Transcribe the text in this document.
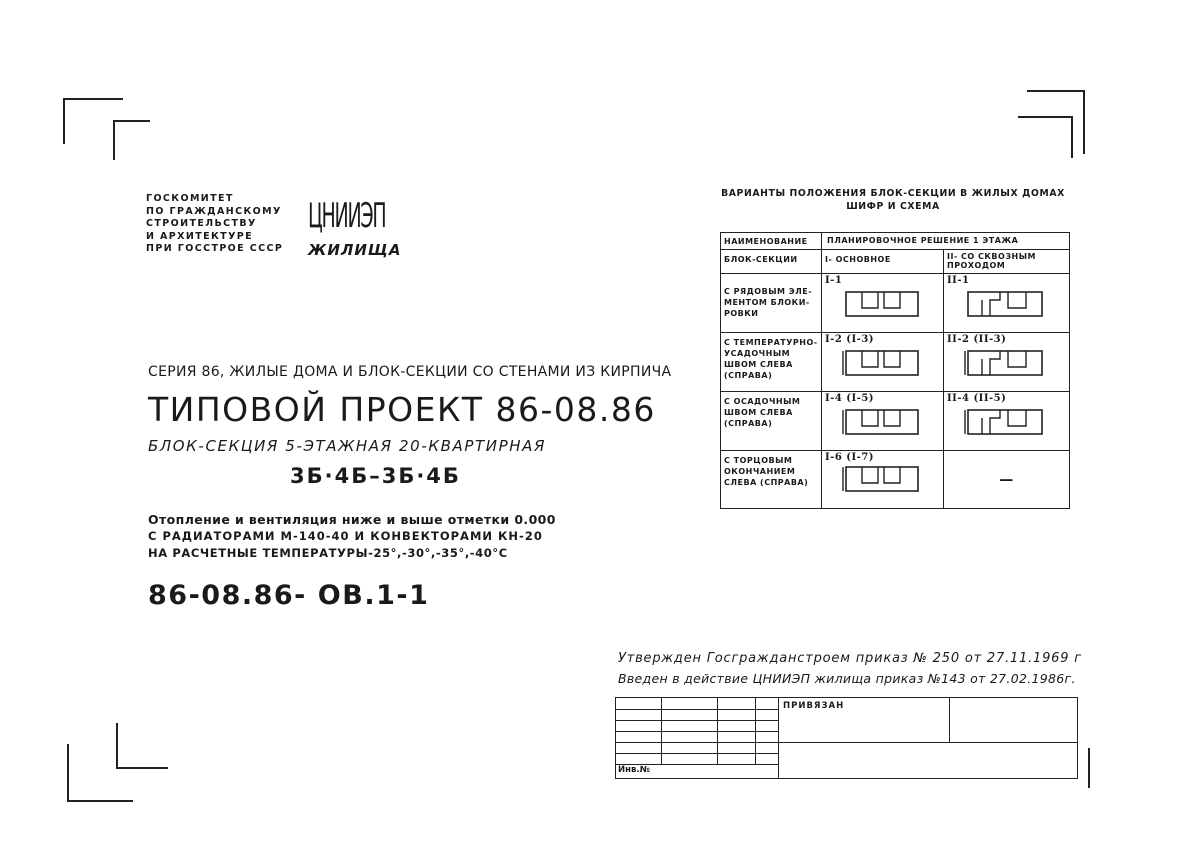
ГОСКОМИТЕТ
ПО ГРАЖДАНСКОМУ
СТРОИТЕЛЬСТВУ
И АРХИТЕКТУРЕ
ПРИ ГОССТРОЕ СССР
ЦНИИЭП
ЖИЛИЩА
СЕРИЯ 86, ЖИЛЫЕ ДОМА И БЛОК-СЕКЦИИ СО СТЕНАМИ ИЗ КИРПИЧА
ТИПОВОЙ ПРОЕКТ 86-08.86
БЛОК-СЕКЦИЯ 5-ЭТАЖНАЯ 20-КВАРТИРНАЯ
3Б·4Б–3Б·4Б
Отопление и вентиляция ниже и выше отметки 0.000
С РАДИАТОРАМИ М-140-40 И КОНВЕКТОРАМИ КН-20
НА РАСЧЕТНЫЕ ТЕМПЕРАТУРЫ-25°,-30°,-35°,-40°С
86-08.86- ОВ.1-1
ВАРИАНТЫ ПОЛОЖЕНИЯ БЛОК-СЕКЦИИ В ЖИЛЫХ ДОМАХ
ШИФР И СХЕМА
НАИМЕНОВАНИЕ	ПЛАНИРОВОЧНОЕ РЕШЕНИЕ 1 ЭТАЖА	
БЛОК-СЕКЦИИ	I- ОСНОВНОЕ	II- СО СКВОЗНЫМ ПРОХОДОМ
С РЯДОВЫМ ЭЛЕ-МЕНТОМ БЛОКИ-РОВКИ	I-1	II-1

С ТЕМПЕРАТУРНО-УСАДОЧНЫМ ШВОМ СЛЕВА (СПРАВА)	I-2 (I-3)	II-2 (II-3)

С ОСАДОЧНЫМ ШВОМ СЛЕВА (СПРАВА)	I-4 (I-5)	II-4 (II-5)

С ТОРЦОВЫМ ОКОНЧАНИЕМ СЛЕВА (СПРАВА)	I-6 (I-7)	—
Утвержден Госгражданстроем приказ № 250 от 27.11.1969 г
Введен в действие ЦНИИЭП жилища приказ №143 от 27.02.1986г.
ПРИВЯЗАН
Инв.№
